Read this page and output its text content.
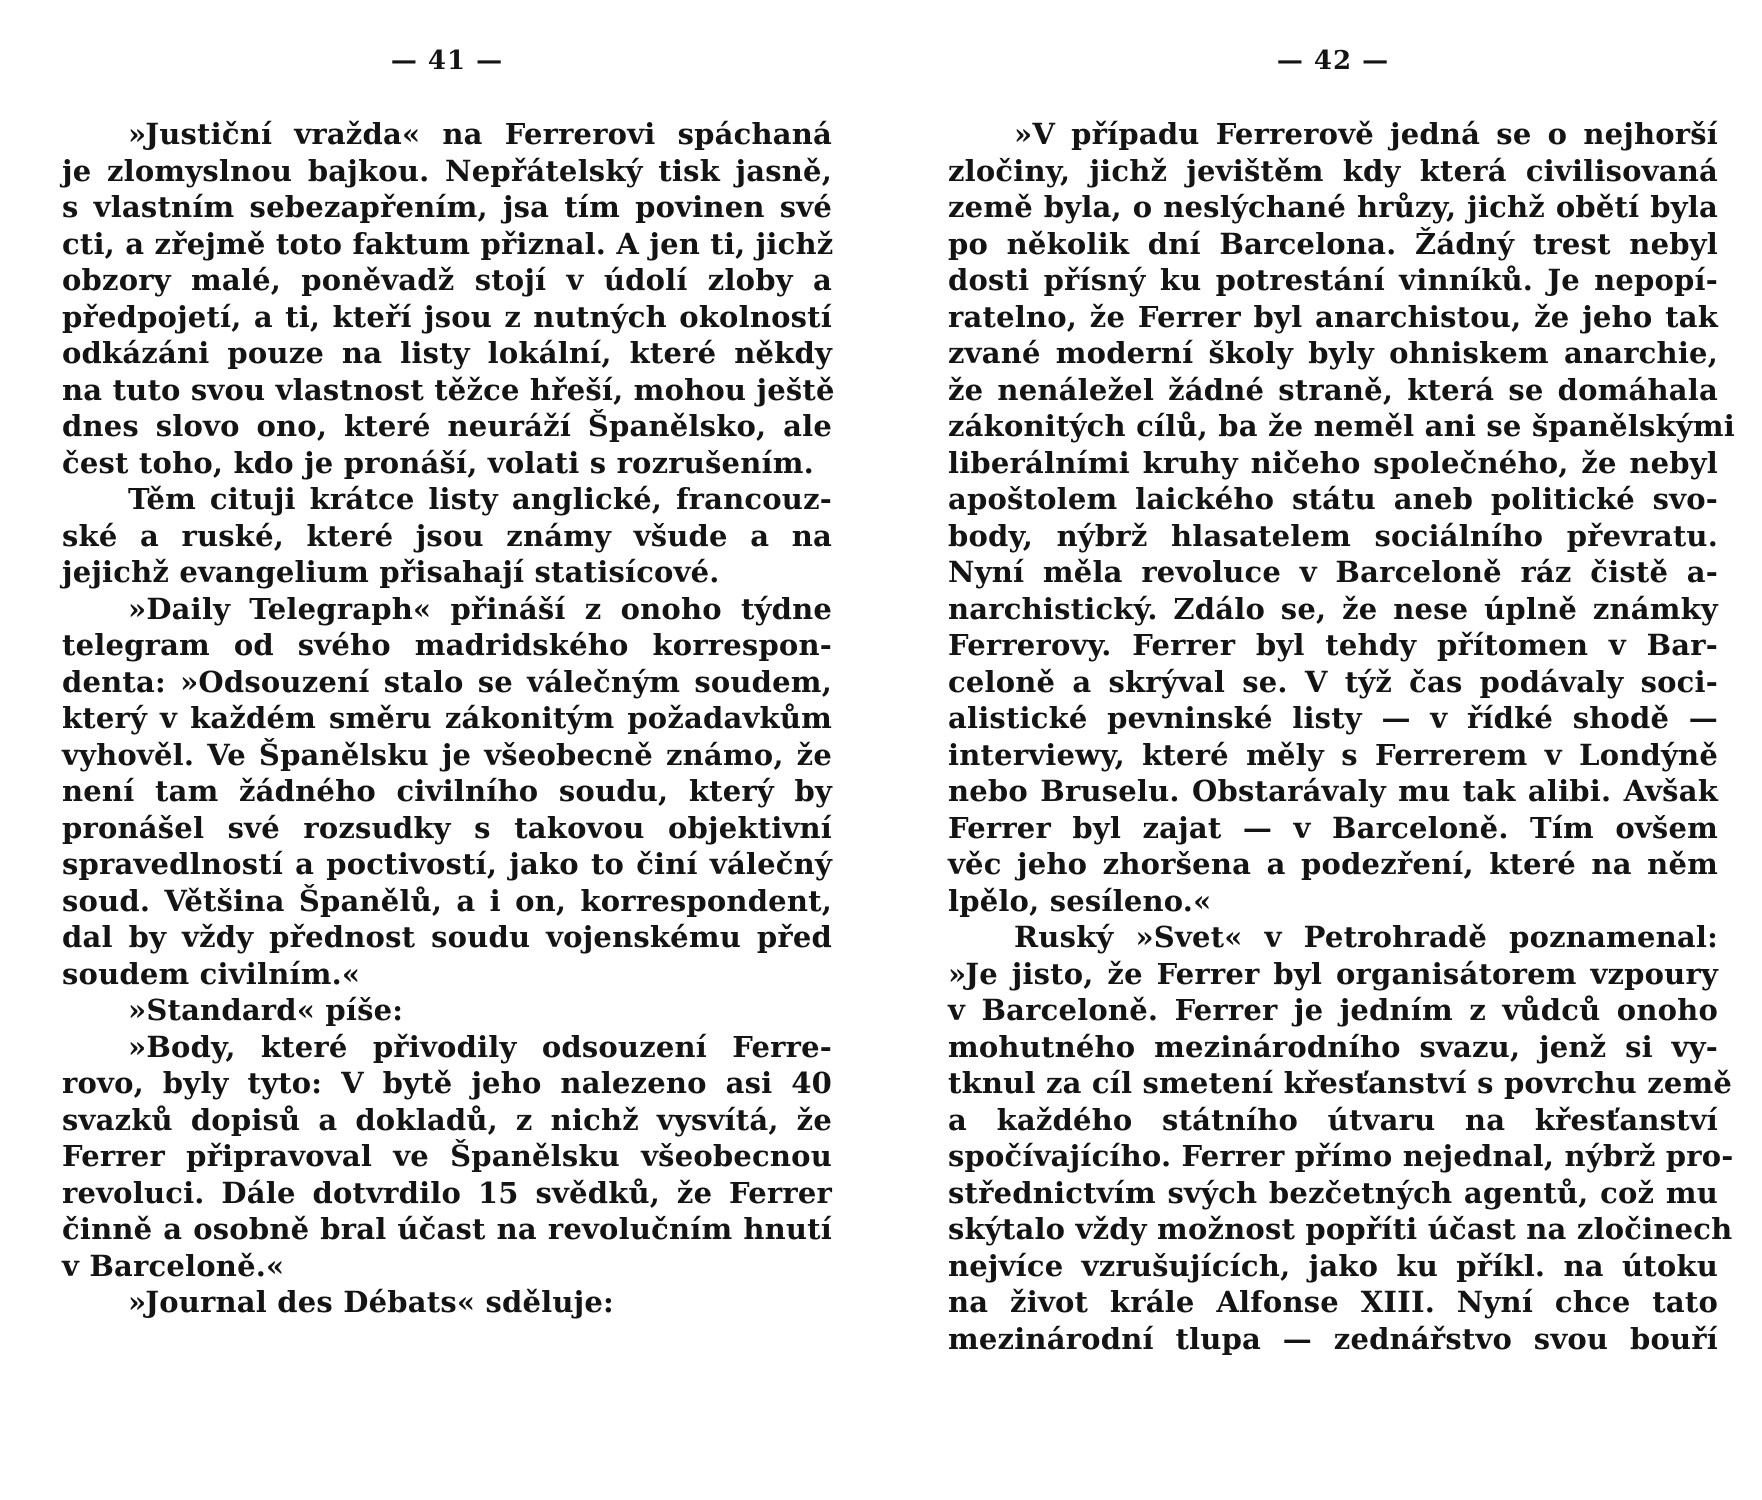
— 41 —
»Justiční vražda« na Ferrerovi spáchaná
je zlomyslnou bajkou. Nepřátelský tisk jasně,
s vlastním sebezapřením, jsa tím povinen své
cti, a zřejmě toto faktum přiznal. A jen ti, jichž
obzory malé, poněvadž stojí v údolí zloby a
předpojetí, a ti, kteří jsou z nutných okolností
odkázáni pouze na listy lokální, které někdy
na tuto svou vlastnost těžce hřeší, mohou ještě
dnes slovo ono, které neuráží Španělsko, ale
čest toho, kdo je pronáší, volati s rozrušením.
Těm cituji krátce listy anglické, francouz-
ské a ruské, které jsou známy všude a na
jejichž evangelium přisahají statisícové.
»Daily Telegraph« přináší z onoho týdne
telegram od svého madridského korrespon-
denta: »Odsouzení stalo se válečným soudem,
který v každém směru zákonitým požadavkům
vyhověl. Ve Španělsku je všeobecně známo, že
není tam žádného civilního soudu, který by
pronášel své rozsudky s takovou objektivní
spravedlností a poctivostí, jako to činí válečný
soud. Většina Španělů, a i on, korrespondent,
dal by vždy přednost soudu vojenskému před
soudem civilním.«
»Standard« píše:
»Body, které přivodily odsouzení Ferre-
rovo, byly tyto: V bytě jeho nalezeno asi 40
svazků dopisů a dokladů, z nichž vysvítá, že
Ferrer připravoval ve Španělsku všeobecnou
revoluci. Dále dotvrdilo 15 svědků, že Ferrer
činně a osobně bral účast na revolučním hnutí
v Barceloně.«
»Journal des Débats« sděluje:
— 42 —
»V případu Ferrerově jedná se o nejhorší
zločiny, jichž jevištěm kdy která civilisovaná
země byla, o neslýchané hrůzy, jichž obětí byla
po několik dní Barcelona. Žádný trest nebyl
dosti přísný ku potrestání vinníků. Je nepopí-
ratelno, že Ferrer byl anarchistou, že jeho tak
zvané moderní školy byly ohniskem anarchie,
že nenáležel žádné straně, která se domáhala
zákonitých cílů, ba že neměl ani se španělskými
liberálními kruhy ničeho společného, že nebyl
apoštolem laického státu aneb politické svo-
body, nýbrž hlasatelem sociálního převratu.
Nyní měla revoluce v Barceloně ráz čistě a-
narchistický. Zdálo se, že nese úplně známky
Ferrerovy. Ferrer byl tehdy přítomen v Bar-
celoně a skrýval se. V týž čas podávaly soci-
alistické pevninské listy — v řídké shodě —
interviewy, které měly s Ferrerem v Londýně
nebo Bruselu. Obstarávaly mu tak alibi. Avšak
Ferrer byl zajat — v Barceloně. Tím ovšem
věc jeho zhoršena a podezření, které na něm
lpělo, sesíleno.«
Ruský »Svet« v Petrohradě poznamenal:
»Je jisto, že Ferrer byl organisátorem vzpoury
v Barceloně. Ferrer je jedním z vůdců onoho
mohutného mezinárodního svazu, jenž si vy-
tknul za cíl smetení křesťanství s povrchu země
a každého státního útvaru na křesťanství
spočívajícího. Ferrer přímo nejednal, nýbrž pro-
střednictvím svých bezčetných agentů, což mu
skýtalo vždy možnost popříti účast na zločinech
nejvíce vzrušujících, jako ku příkl. na útoku
na život krále Alfonse XIII. Nyní chce tato
mezinárodní tlupa — zednářstvo svou bouří
